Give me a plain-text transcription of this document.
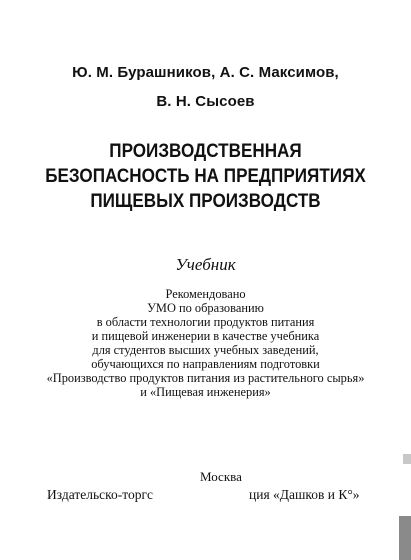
Ю. М. Бурашников, А. С. Максимов,
В. Н. Сысоев
ПРОИЗВОДСТВЕННАЯ
БЕЗОПАСНОСТЬ НА ПРЕДПРИЯТИЯХ
ПИЩЕВЫХ ПРОИЗВОДСТВ
Учебник
Рекомендовано
УМО по образованию
в области технологии продуктов питания
и пищевой инженерии в качестве учебника
для студентов высших учебных заведений,
обучающихся по направлениям подготовки
«Производство продуктов питания из растительного сырья»
и «Пищевая инженерия»
Москва
Издательско-торгс	ция «Дашков и К°»
